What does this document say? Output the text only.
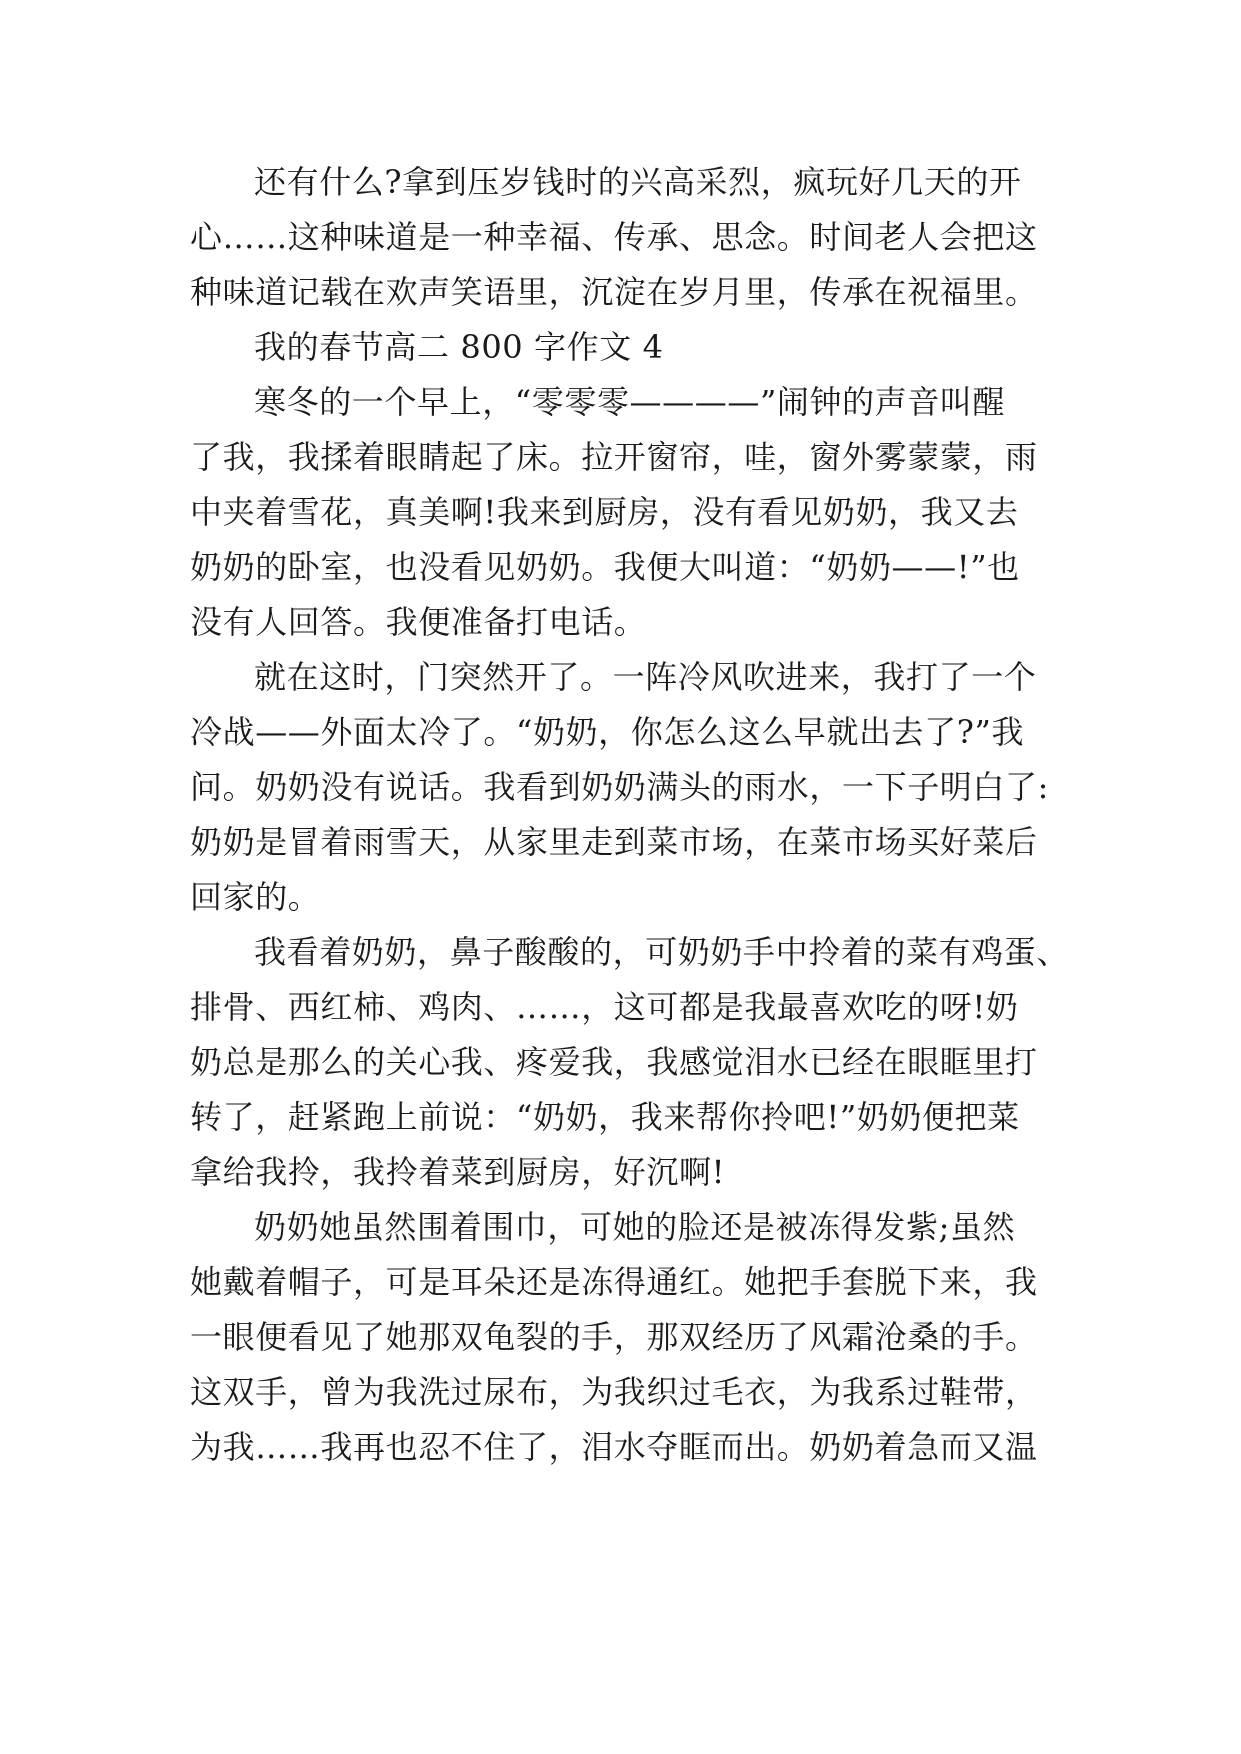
还有什么?拿到压岁钱时的兴高采烈，疯玩好几天的开
心……这种味道是一种幸福、传承、思念。时间老人会把这
种味道记载在欢声笑语里，沉淀在岁月里，传承在祝福里。
我的春节高二 800 字作文 4
寒冬的一个早上，“零零零————”闹钟的声音叫醒
了我，我揉着眼睛起了床。拉开窗帘，哇，窗外雾蒙蒙，雨
中夹着雪花，真美啊!我来到厨房，没有看见奶奶，我又去
奶奶的卧室，也没看见奶奶。我便大叫道：“奶奶——!”也
没有人回答。我便准备打电话。
就在这时，门突然开了。一阵冷风吹进来，我打了一个
冷战——外面太冷了。“奶奶，你怎么这么早就出去了?”我
问。奶奶没有说话。我看到奶奶满头的雨水，一下子明白了:
奶奶是冒着雨雪天，从家里走到菜市场，在菜市场买好菜后
回家的。
我看着奶奶，鼻子酸酸的，可奶奶手中拎着的菜有鸡蛋、
排骨、西红柿、鸡肉、……，这可都是我最喜欢吃的呀!奶
奶总是那么的关心我、疼爱我，我感觉泪水已经在眼眶里打
转了，赶紧跑上前说：“奶奶，我来帮你拎吧!”奶奶便把菜
拿给我拎，我拎着菜到厨房，好沉啊!
奶奶她虽然围着围巾，可她的脸还是被冻得发紫;虽然
她戴着帽子，可是耳朵还是冻得通红。她把手套脱下来，我
一眼便看见了她那双龟裂的手，那双经历了风霜沧桑的手。
这双手，曾为我洗过尿布，为我织过毛衣，为我系过鞋带，
为我……我再也忍不住了，泪水夺眶而出。奶奶着急而又温
